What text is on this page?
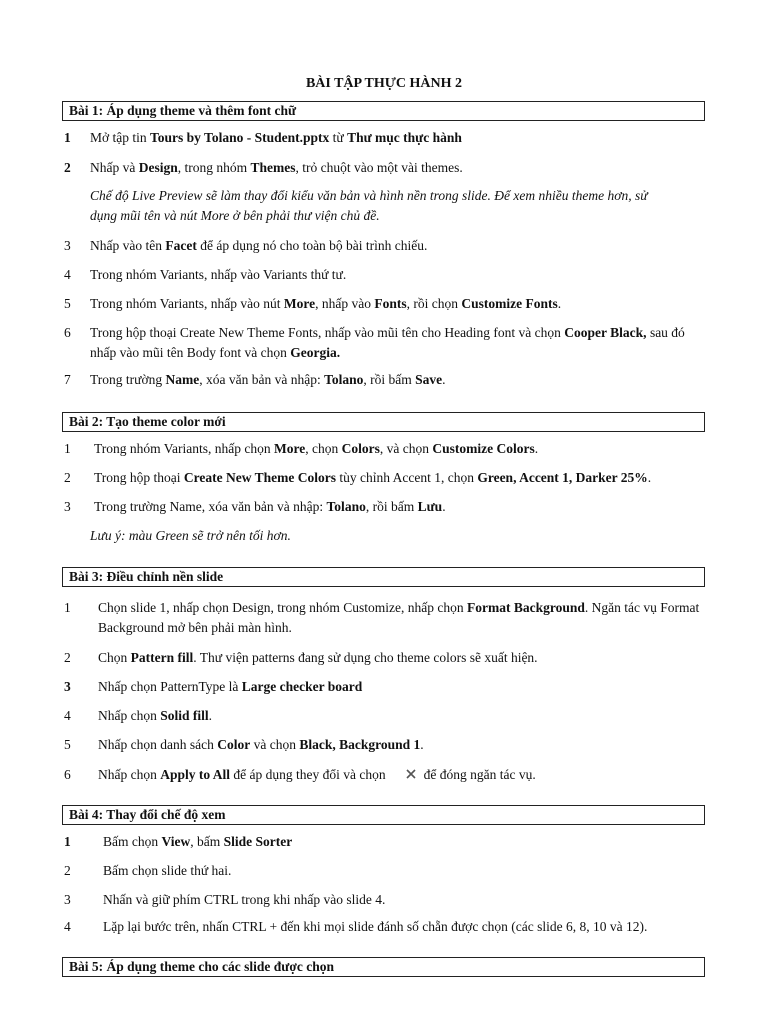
BÀI TẬP THỰC HÀNH 2
Bài 1: Áp dụng theme và thêm font chữ
1 Mở tập tin Tours by Tolano - Student.pptx từ Thư mục thực hành
2 Nhấp và Design, trong nhóm Themes, trỏ chuột vào một vài themes.
Chế độ Live Preview sẽ làm thay đổi kiểu văn bản và hình nền trong slide. Để xem nhiều theme hơn, sử dụng mũi tên và nút More ở bên phải thư viện chủ đề.
3 Nhấp vào tên Facet để áp dụng nó cho toàn bộ bài trình chiếu.
4 Trong nhóm Variants, nhấp vào Variants thứ tư.
5 Trong nhóm Variants, nhấp vào nút More, nhấp vào Fonts, rồi chọn Customize Fonts.
6 Trong hộp thoại Create New Theme Fonts, nhấp vào mũi tên cho Heading font và chọn Cooper Black, sau đó nhấp vào mũi tên Body font và chọn Georgia.
7 Trong trường Name, xóa văn bản và nhập: Tolano, rồi bấm Save.
Bài 2: Tạo theme color mới
1 Trong nhóm Variants, nhấp chọn More, chọn Colors, và chọn Customize Colors.
2 Trong hộp thoại Create New Theme Colors tùy chỉnh Accent 1, chọn Green, Accent 1, Darker 25%.
3 Trong trường Name, xóa văn bản và nhập: Tolano, rồi bấm Lưu.
Lưu ý: màu Green sẽ trở nên tối hơn.
Bài 3: Điều chỉnh nền slide
1 Chọn slide 1, nhấp chọn Design, trong nhóm Customize, nhấp chọn Format Background. Ngăn tác vụ Format Background mở bên phải màn hình.
2 Chọn Pattern fill. Thư viện patterns đang sử dụng cho theme colors sẽ xuất hiện.
3 Nhấp chọn PatternType là Large checker board
4 Nhấp chọn Solid fill.
5 Nhấp chọn danh sách Color và chọn Black, Background 1.
6 Nhấp chọn Apply to All để áp dụng they đổi và chọn	để đóng ngăn tác vụ.
Bài 4: Thay đổi chế độ xem
1 Bấm chọn View, bấm Slide Sorter
2 Bấm chọn slide thứ hai.
3 Nhấn và giữ phím CTRL trong khi nhấp vào slide 4.
4 Lặp lại bước trên, nhấn CTRL + đến khi mọi slide đánh số chẵn được chọn (các slide 6, 8, 10 và 12).
Bài 5: Áp dụng theme cho các slide được chọn
